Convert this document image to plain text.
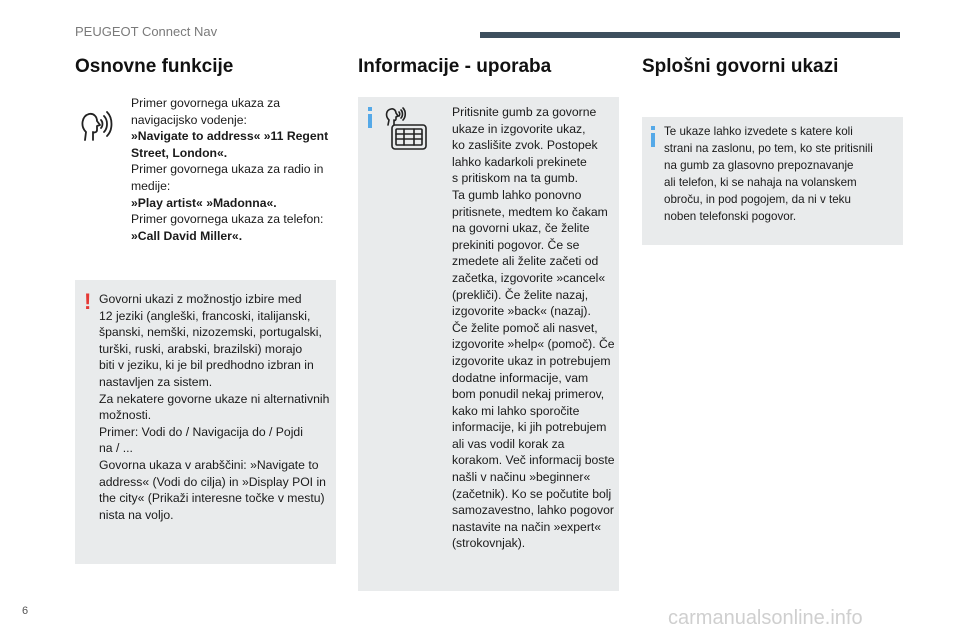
PEUGEOT Connect Nav
Osnovne funkcije
Primer govornega ukaza za
navigacijsko vodenje:
»Navigate to address« »11 Regent
Street, London«.
Primer govornega ukaza za radio in
medije:
»Play artist« »Madonna«.
Primer govornega ukaza za telefon:
»Call David Miller«.
! Govorni ukazi z možnostjo izbire med
12 jeziki (angleški, francoski, italijanski,
španski, nemški, nizozemski, portugalski,
turški, ruski, arabski, brazilski) morajo
biti v jeziku, ki je bil predhodno izbran in
nastavljen za sistem.
Za nekatere govorne ukaze ni alternativnih
možnosti.
Primer: Vodi do / Navigacija do / Pojdi
na / ...
Govorna ukaza v arabščini: »Navigate to
address« (Vodi do cilja) in »Display POI in
the city« (Prikaži interesne točke v mestu)
nista na voljo.
Informacije - uporaba
Pritisnite gumb za govorne
ukaze in izgovorite ukaz,
ko zaslišite zvok. Postopek
lahko kadarkoli prekinete
s pritiskom na ta gumb.
Ta gumb lahko ponovno
pritisnete, medtem ko čakam
na govorni ukaz, če želite
prekiniti pogovor. Če se
zmedete ali želite začeti od
začetka, izgovorite »cancel«
(prekliči). Če želite nazaj,
izgovorite »back« (nazaj).
Če želite pomoč ali nasvet,
izgovorite »help« (pomoč). Če
izgovorite ukaz in potrebujem
dodatne informacije, vam
bom ponudil nekaj primerov,
kako mi lahko sporočite
informacije, ki jih potrebujem
ali vas vodil korak za
korakom. Več informacij boste
našli v načinu »beginner«
(začetnik). Ko se počutite bolj
samozavestno, lahko pogovor
nastavite na način »expert«
(strokovnjak).
Splošni govorni ukazi
Te ukaze lahko izvedete s katere koli
strani na zaslonu, po tem, ko ste pritisnili
na gumb za glasovno prepoznavanje
ali telefon, ki se nahaja na volanskem
obroču, in pod pogojem, da ni v teku
noben telefonski pogovor.
6	carmanualsonline.info
